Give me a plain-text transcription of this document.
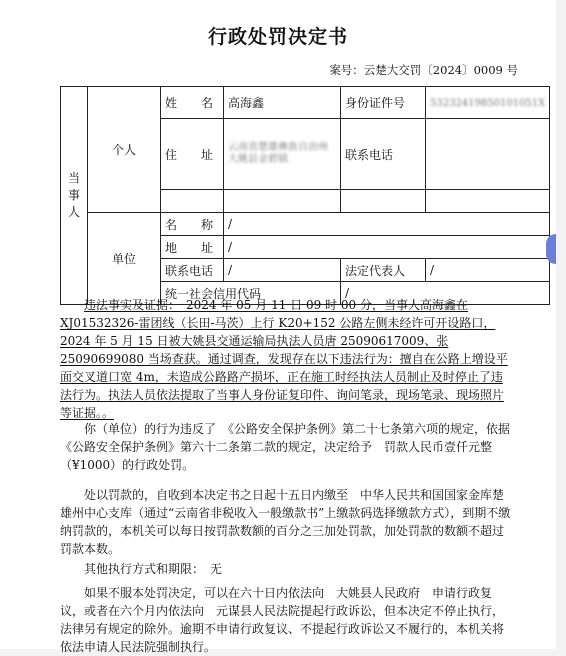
行政处罚决定书
案号：云楚大交罚〔2024〕0009 号
当事人	个人	姓　　名	高海鑫	身份证件号	53232419850101051X
		住　　址	云南省楚雄彝族自治州大姚县金碧镇	联系电话	

	单位	名　　称	/		
		地　　址	/		
		联系电话	/	法定代表人	/
		统一社会信用代码		/	

违法事实及证据：　2024 年 05 月 11 日 09 时 00 分，当事人高海鑫在 XJ01532326-雷团线（长田-马茨）上行 K20+152 公路左侧未经许可开设路口，2024 年 5 月 15 日被大姚县交通运输局执法人员唐 25090617009、张 25090699080 当场查获。通过调查，发现存在以下违法行为：擅自在公路上增设平面交叉道口宽 4m，未造成公路路产损坏，正在施工时经执法人员制止及时停止了违法行为。执法人员依法提取了当事人身份证复印件、询问笔录，现场笔录、现场照片等证据。。

你（单位）的行为违反了　《公路安全保护条例》第二十七条第六项的规定，依据　《公路安全保护条例》第六十二条第二款的规定，决定给予　罚款人民币壹仟元整（¥1000）的行政处罚。

处以罚款的，自收到本决定书之日起十五日内缴至　中华人民共和国国家金库楚雄州中心支库（通过“云南省非税收入一般缴款书”上缴款码选择缴款方式），到期不缴纳罚款的，本机关可以每日按罚款数额的百分之三加处罚款，加处罚款的数额不超过罚款本数。

其他执行方式和期限：　无

如果不服本处罚决定，可以在六十日内依法向　大姚县人民政府　申请行政复议，或者在六个月内依法向　元谋县人民法院提起行政诉讼，但本决定不停止执行，法律另有规定的除外。逾期不申请行政复议、不提起行政诉讼又不履行的，本机关将依法申请人民法院强制执行。
